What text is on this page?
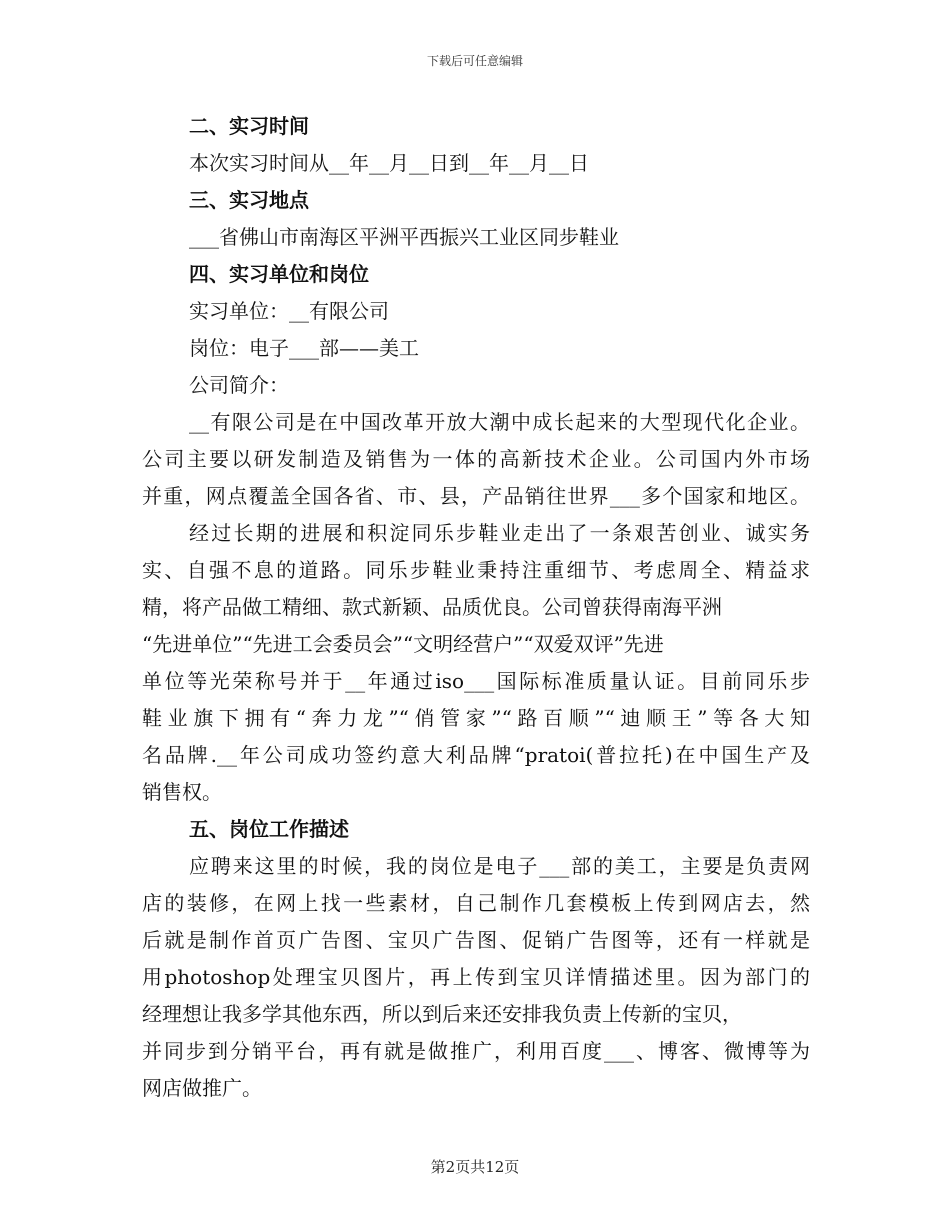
下载后可任意编辑
二、实习时间
本次实习时间从__年__月__日到__年__月__日
三、实习地点
___省佛山市南海区平洲平西振兴工业区同步鞋业
四、实习单位和岗位
实习单位：__有限公司
岗位：电子___部——美工
公司简介：
__有限公司是在中国改革开放大潮中成长起来的大型现代化企业。
公司主要以研发制造及销售为一体的高新技术企业。公司国内外市场
并重，网点覆盖全国各省、市、县，产品销往世界___多个国家和地区。
经过长期的进展和积淀同乐步鞋业走出了一条艰苦创业、诚实务
实、自强不息的道路。同乐步鞋业秉持注重细节、考虑周全、精益求
精，将产品做工精细、款式新颖、品质优良。公司曾获得南海平洲
“先进单位”“先进工会委员会”“文明经营户”“双爱双评”先进
单位等光荣称号并于__年通过iso___国际标准质量认证。目前同乐步
鞋业旗下拥有“奔力龙”“俏管家”“路百顺”“迪顺王”等各大知
名品牌.__年公司成功签约意大利品牌“pratoi(普拉托)在中国生产及
销售权。
五、岗位工作描述
应聘来这里的时候，我的岗位是电子___部的美工，主要是负责网
店的装修，在网上找一些素材，自己制作几套模板上传到网店去，然
后就是制作首页广告图、宝贝广告图、促销广告图等，还有一样就是
用photoshop处理宝贝图片，再上传到宝贝详情描述里。因为部门的
经理想让我多学其他东西，所以到后来还安排我负责上传新的宝贝，
并同步到分销平台，再有就是做推广，利用百度___、博客、微博等为
网店做推广。
第2页共12页
